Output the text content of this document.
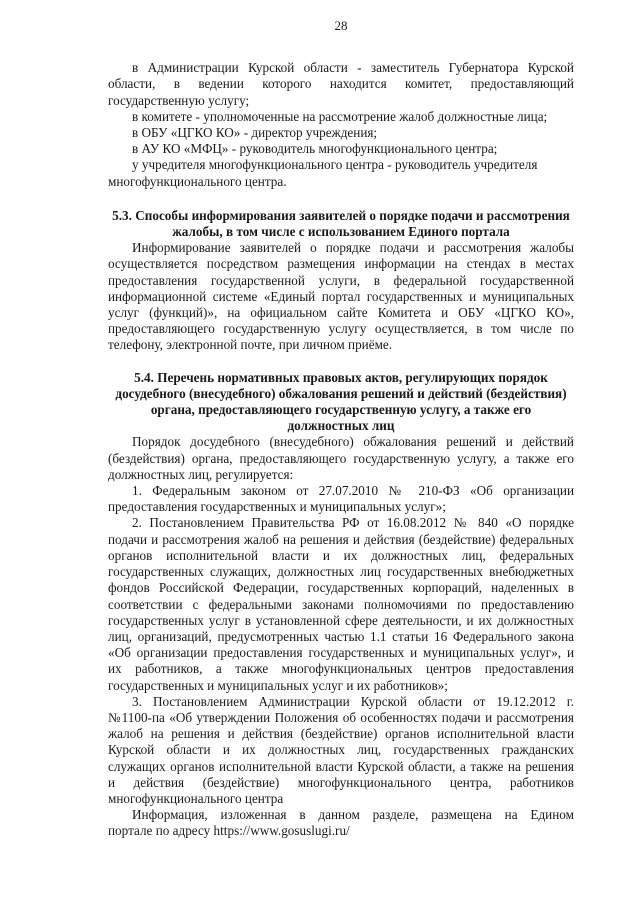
28
в Администрации Курской области - заместитель Губернатора Курской
области, в ведении которого находится комитет, предоставляющий
государственную услугу;
в комитете - уполномоченные на рассмотрение жалоб должностные лица;
в ОБУ «ЦГКО КО» - директор учреждения;
в АУ КО «МФЦ» - руководитель многофункционального центра;
у учредителя многофункционального центра - руководитель учредителя
многофункционального центра.
5.3. Способы информирования заявителей о порядке подачи и рассмотрения
жалобы, в том числе с использованием Единого портала
Информирование заявителей о порядке подачи и рассмотрения жалобы
осуществляется посредством размещения информации на стендах в местах
предоставления государственной услуги, в федеральной государственной
информационной системе «Единый портал государственных и муниципальных
услуг (функций)», на официальном сайте Комитета и ОБУ «ЦГКО КО»,
предоставляющего государственную услугу осуществляется, в том числе по
телефону, электронной почте, при личном приёме.
5.4. Перечень нормативных правовых актов, регулирующих порядок
досудебного (внесудебного) обжалования решений и действий (бездействия)
органа, предоставляющего государственную услугу, а также его
должностных лиц
Порядок досудебного (внесудебного) обжалования решений и действий
(бездействия) органа, предоставляющего государственную услугу, а также его
должностных лиц, регулируется:
1. Федеральным законом от 27.07.2010 № 210-ФЗ «Об организации
предоставления государственных и муниципальных услуг»;
2. Постановлением Правительства РФ от 16.08.2012 № 840 «О порядке
подачи и рассмотрения жалоб на решения и действия (бездействие) федеральных
органов исполнительной власти и их должностных лиц, федеральных
государственных служащих, должностных лиц государственных внебюджетных
фондов Российской Федерации, государственных корпораций, наделенных в
соответствии с федеральными законами полномочиями по предоставлению
государственных услуг в установленной сфере деятельности, и их должностных
лиц, организаций, предусмотренных частью 1.1 статьи 16 Федерального закона
«Об организации предоставления государственных и муниципальных услуг», и
их работников, а также многофункциональных центров предоставления
государственных и муниципальных услуг и их работников»;
3. Постановлением Администрации Курской области от 19.12.2012 г.
№1100-па «Об утверждении Положения об особенностях подачи и рассмотрения
жалоб на решения и действия (бездействие) органов исполнительной власти
Курской области и их должностных лиц, государственных гражданских
служащих органов исполнительной власти Курской области, а также на решения
и действия (бездействие) многофункционального центра, работников
многофункционального центра
Информация, изложенная в данном разделе, размещена на Едином
портале по адресу https://www.gosuslugi.ru/
